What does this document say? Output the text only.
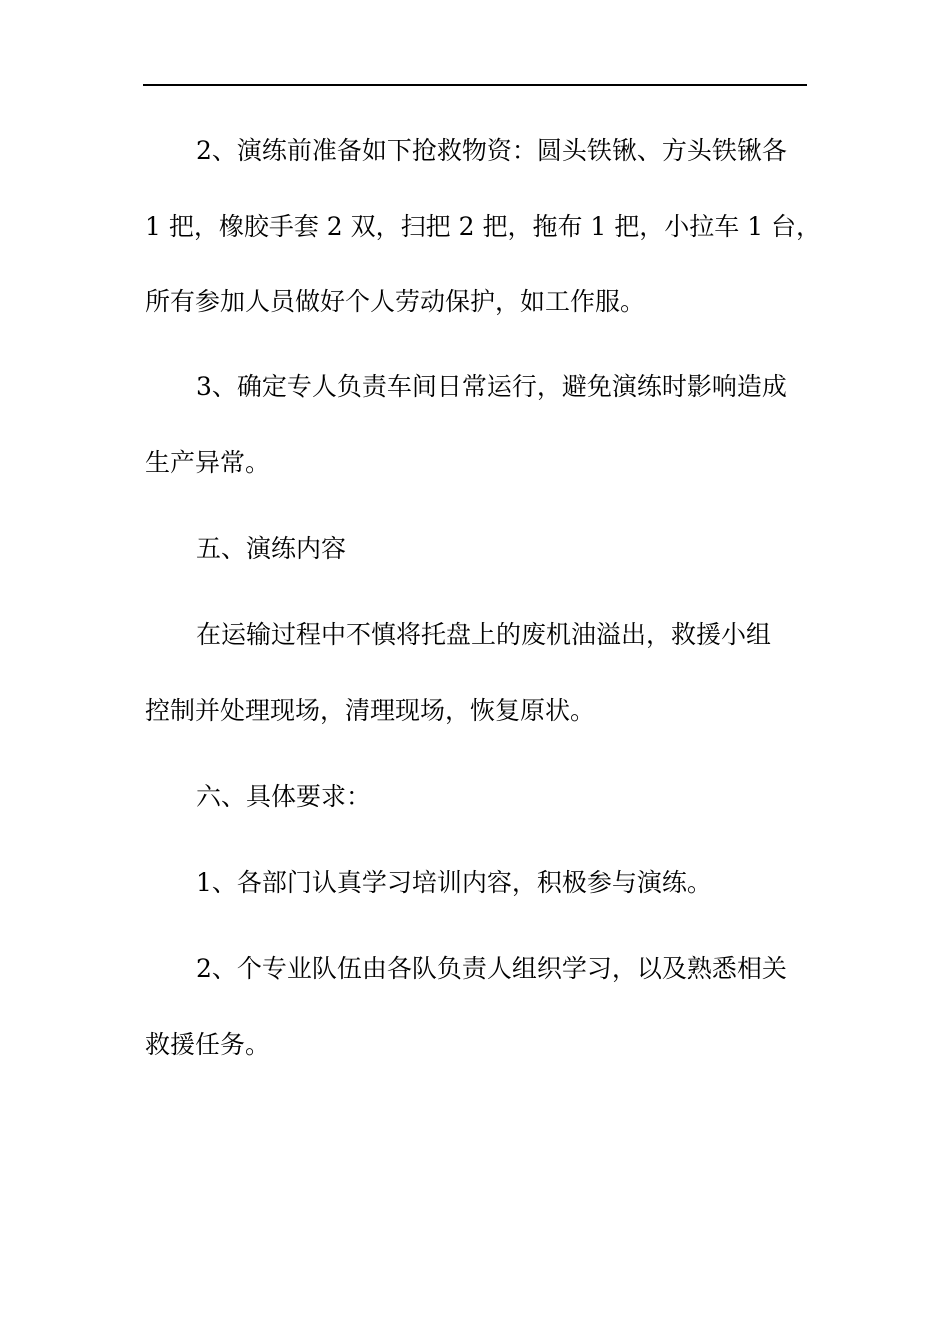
2、演练前准备如下抢救物资：圆头铁锹、方头铁锹各
1 把，橡胶手套 2 双，扫把 2 把，拖布 1 把，小拉车 1 台，
所有参加人员做好个人劳动保护，如工作服。
3、确定专人负责车间日常运行，避免演练时影响造成
生产异常。
五、演练内容
在运输过程中不慎将托盘上的废机油溢出，救援小组
控制并处理现场，清理现场，恢复原状。
六、具体要求：
1、各部门认真学习培训内容，积极参与演练。
2、个专业队伍由各队负责人组织学习，以及熟悉相关
救援任务。
